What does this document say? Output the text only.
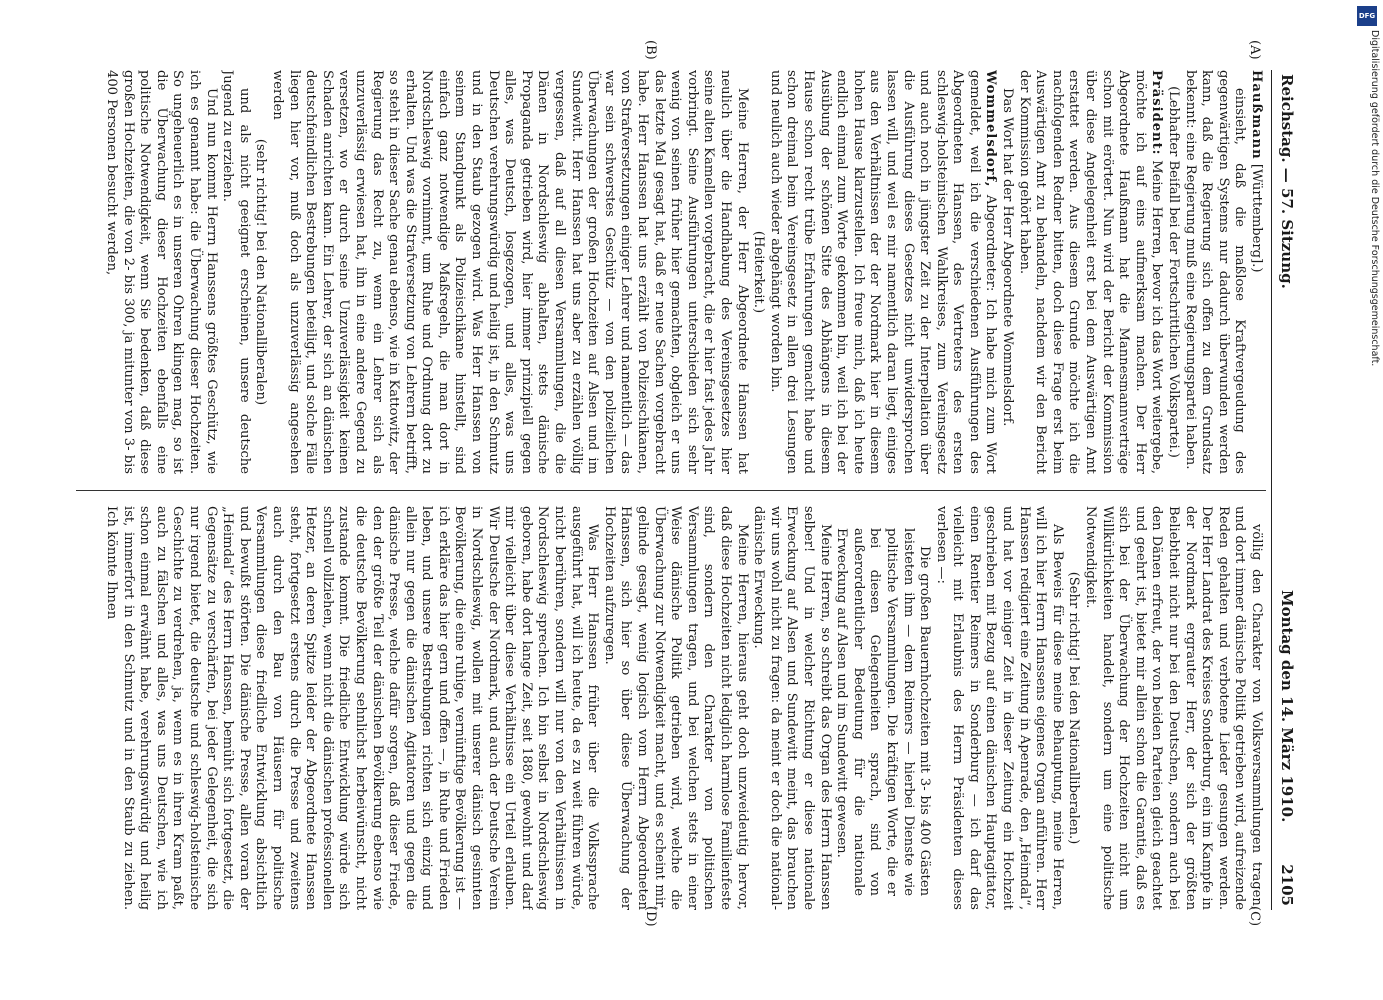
Reichstag. — 57. Sitzung.
Montag den 14. März 1910.
2105
(A)
(B)
(C)
(D)

Haußmann [Württemberg].)

einsieht, daß die maßlose Kraftvergeudung des gegenwärtigen Systems nur dadurch überwunden werden kann, daß die Regierung sich offen zu dem Grundsatz bekennt: eine Regierung muß eine Regierungspartei haben.

(Lebhafter Beifall bei der Fortschrittlichen Volkspartei.)

Präsident: Meine Herren, bevor ich das Wort weitergebe, möchte ich auf eins aufmerksam machen. Der Herr Abgeordnete Haußmann hat die Mannesmannverträge schon mit erörtert. Nun wird der Bericht der Kommission über diese Angelegenheit erst bei dem Auswärtigen Amt erstattet werden. Aus diesem Grunde möchte ich die nachfolgenden Redner bitten, doch diese Frage erst beim Auswärtigen Amt zu behandeln, nachdem wir den Bericht der Kommission gehört haben.

Das Wort hat der Herr Abgeordnete Wommelsdorf.

Wommelsdorf, Abgeordneter: Ich habe mich zum Wort gemeldet, weil ich die verschiedenen Ausführungen des Abgeordneten Hanssen, des Vertreters des ersten schleswig-holsteinischen Wahlkreises, zum Vereinsgesetz und auch noch in jüngster Zeit zu der Interpellation über die Ausführung dieses Gesetzes nicht unwidersprochen lassen will, und weil es mir namentlich daran liegt, einiges aus den Verhältnissen der der Nordmark hier in diesem hohen Hause klarzustellen. Ich freue mich, daß ich heute endlich einmal zum Worte gekommen bin, weil ich bei der Ausübung der schönen Sitte des Abhängens in diesem Hause schon recht trübe Erfahrungen gemacht habe und schon dreimal beim Vereinsgesetz in allen drei Lesungen und neulich auch wieder abgehängt worden bin.

(Heiterkeit.)

Meine Herren, der Herr Abgeordnete Hanssen hat neulich über die Handhabung des Vereinsgesetzes hier seine alten Kamellen vorgebracht, die er hier fast jedes Jahr vorbringt. Seine Ausführungen unterschieden sich sehr wenig von seinen früher hier gemachten, obgleich er uns das letzte Mal gesagt hat, daß er neue Sachen vorgebracht habe. Herr Hanssen hat uns erzählt von Polizeischikanen, von Strafversetzungen einiger Lehrer und namentlich — das war sein schwerstes Geschütz — von den polizeilichen Überwachungen der großen Hochzeiten auf Alsen und im Sundewitt. Herr Hanssen hat uns aber zu erzählen völlig vergessen, daß auf all diesen Versammlungen, die die Dänen in Nordschleswig abhalten, stets dänische Propaganda getrieben wird, hier immer prinzipiell gegen alles, was Deutsch, losgezogen, und alles, was uns Deutschen verehrungswürdig und heilig ist, in den Schmutz und in den Staub gezogen wird. Was Herr Hanssen von seinem Standpunkt als Polizeischikane hinstellt, sind einfach ganz notwendige Maßregeln, die man dort in Nordschleswig vornimmt, um Ruhe und Ordnung dort zu erhalten. Und was die Strafversetzung von Lehrern betrifft, so steht in dieser Sache genau ebenso, wie in Kattowitz, der Regierung das Recht zu, wenn ein Lehrer sich als unzuverlässig erwiesen hat, ihn in eine andere Gegend zu versetzen, wo er durch seine Unzuverlässigkeit keinen Schaden anrichten kann. Ein Lehrer, der sich an dänischen deutschfeindlichen Bestrebungen beteiligt, und solche Fälle liegen hier vor, muß doch als unzuverlässig angesehen werden

(sehr richtig! bei den Nationalliberalen)

und als nicht geeignet erscheinen, unsere deutsche Jugend zu erziehen.

Und nun kommt Herrn Hanssens größtes Geschütz, wie ich es genannt habe: die Überwachung dieser Hochzeiten. So ungeheuerlich es in unseren Ohren klingen mag, so ist die Überwachung dieser Hochzeiten ebenfalls eine politische Notwendigkeit, wenn Sie bedenken, daß diese großen Hochzeiten, die von 2- bis 300, ja mitunter von 3- bis 400 Personen besucht werden,

völlig den Charakter von Volksversammlungen tragen, und dort immer dänische Politik getrieben wird, aufreizende Reden gehalten und verbotene Lieder gesungen werden. Der Herr Landrat des Kreises Sonderburg, ein im Kampfe in der Nordmark ergrauter Herr, der sich der größten Beliebtheit nicht nur bei den Deutschen, sondern auch bei den Dänen erfreut, der von beiden Parteien gleich geachtet und geehrt ist, bietet mir allein schon die Garantie, daß es sich bei der Überwachung der Hochzeiten nicht um Willkürlichkeiten handelt, sondern um eine politische Notwendigkeit.

(Sehr richtig! bei den Nationalliberalen.)

Als Beweis für diese meine Behauptung, meine Herren, will ich hier Herrn Hanssens eigenes Organ anführen. Herr Hanssen redigiert eine Zeitung in Apenrade, den „Heimdal“, und hat vor einiger Zeit in dieser Zeitung ein Hochzeit geschrieben mit Bezug auf einen dänischen Hauptagitator, einen Rentier Reimers in Sonderburg — ich darf das vielleicht mit Erlaubnis des Herrn Präsidenten dieses verlesen —:

Die großen Bauernhochzeiten mit 3- bis 400 Gästen leisteten ihm — dem Reimers — hierbei Dienste wie politische Versammlungen. Die kräftigen Worte, die er bei diesen Gelegenheiten sprach, sind von außerordentlicher Bedeutung für die nationale Erweckung auf Alsen und im Sundewitt gewesen.

Meine Herren, so schreibt das Organ des Herrn Hanssen selber! Und in welcher Richtung er diese nationale Erweckung auf Alsen und Sundewitt meint, das brauchen wir uns wohl nicht zu fragen: da meint er doch die national-dänische Erweckung.

Meine Herren, hieraus geht doch unzweideutig hervor, daß diese Hochzeiten nicht lediglich harmlose Familienfeste sind, sondern den Charakter von politischen Versammlungen tragen, und bei welchen stets in einer Weise dänische Politik getrieben wird, welche die Überwachung zur Notwendigkeit macht, und es scheint mir, gelinde gesagt, wenig logisch vom Herrn Abgeordneten Hanssen, sich hier so über diese Überwachung der Hochzeiten aufzuregen.

Was Herr Hanssen früher über die Volkssprache ausgeführt hat, will ich heute, da es zu weit führen würde, nicht berühren, sondern will nur von den Verhältnissen in Nordschleswig sprechen. Ich bin selbst in Nordschleswig geboren, habe dort lange Zeit, seit 1880, gewohnt und darf mir vielleicht über diese Verhältnisse ein Urteil erlauben. Wir Deutsche der Nordmark, und auch der Deutsche Verein in Nordschleswig, wollen mit unserer dänisch gesinnten Bevölkerung, die eine ruhige, vernünftige Bevölkerung ist — ich erkläre das hier gern und offen —, in Ruhe und Frieden leben, und unsere Bestrebungen richten sich einzig und allein nur gegen die dänischen Agitatoren und gegen die dänische Presse, welche dafür sorgen, daß dieser Friede, den der größte Teil der dänischen Bevölkerung ebenso wie die deutsche Bevölkerung sehnlichst herbeiwünscht, nicht zustande kommt. Die friedliche Entwicklung würde sich schnell vollziehen, wenn nicht die dänischen professionellen Hetzer, an deren Spitze leider der Abgeordnete Hanssen steht, fortgesetzt erstens durch die Presse und zweitens auch durch den Bau von Häusern für politische Versammlungen diese friedliche Entwicklung absichtlich und bewußt störten. Die dänische Presse, allen voran der „Heimdal“ des Herrn Hanssen, bemüht sich fortgesetzt, die Gegensätze zu verschärfen, bei jeder Gelegenheit, die sich nur irgend bietet, die deutsche und schleswig-holsteinische Geschichte zu verdrehen, ja, wenn es in ihren Kram paßt, auch zu fälschen und alles, was uns Deutschen, wie ich schon einmal erwähnt habe, verehrungswürdig und heilig ist, immerfort in den Schmutz und in den Staub zu ziehen. Ich könnte Ihnen

DFG
Digitalisierung gefördert durch die Deutsche Forschungsgemeinschaft.
